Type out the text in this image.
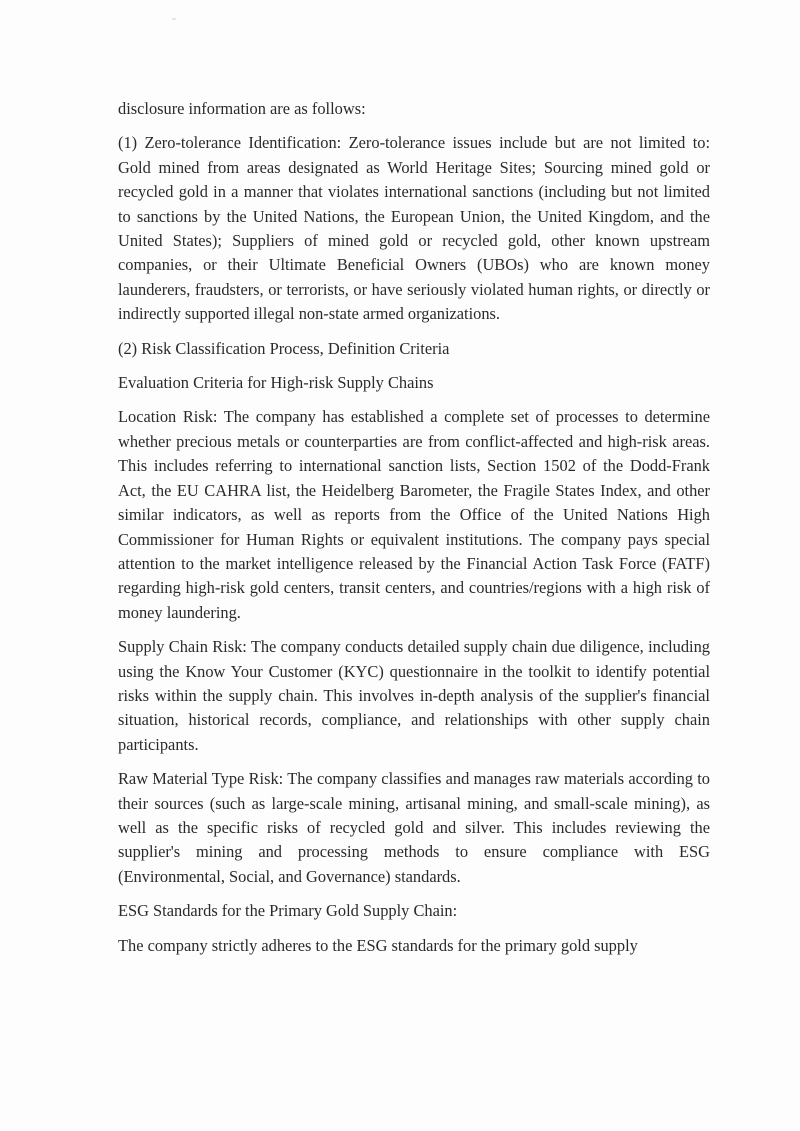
disclosure information are as follows:

(1) Zero-tolerance Identification: Zero-tolerance issues include but are not limited to: Gold mined from areas designated as World Heritage Sites; Sourcing mined gold or recycled gold in a manner that violates international sanctions (including but not limited to sanctions by the United Nations, the European Union, the United Kingdom, and the United States); Suppliers of mined gold or recycled gold, other known upstream companies, or their Ultimate Beneficial Owners (UBOs) who are known money launderers, fraudsters, or terrorists, or have seriously violated human rights, or directly or indirectly supported illegal non-state armed organizations.

(2) Risk Classification Process, Definition Criteria

Evaluation Criteria for High-risk Supply Chains

Location Risk: The company has established a complete set of processes to determine whether precious metals or counterparties are from conflict-affected and high-risk areas. This includes referring to international sanction lists, Section 1502 of the Dodd-Frank Act, the EU CAHRA list, the Heidelberg Barometer, the Fragile States Index, and other similar indicators, as well as reports from the Office of the United Nations High Commissioner for Human Rights or equivalent institutions. The company pays special attention to the market intelligence released by the Financial Action Task Force (FATF) regarding high-risk gold centers, transit centers, and countries/regions with a high risk of money laundering.

Supply Chain Risk: The company conducts detailed supply chain due diligence, including using the Know Your Customer (KYC) questionnaire in the toolkit to identify potential risks within the supply chain. This involves in-depth analysis of the supplier's financial situation, historical records, compliance, and relationships with other supply chain participants.

Raw Material Type Risk: The company classifies and manages raw materials according to their sources (such as large-scale mining, artisanal mining, and small-scale mining), as well as the specific risks of recycled gold and silver. This includes reviewing the supplier's mining and processing methods to ensure compliance with ESG (Environmental, Social, and Governance) standards.

ESG Standards for the Primary Gold Supply Chain:

The company strictly adheres to the ESG standards for the primary gold supply
